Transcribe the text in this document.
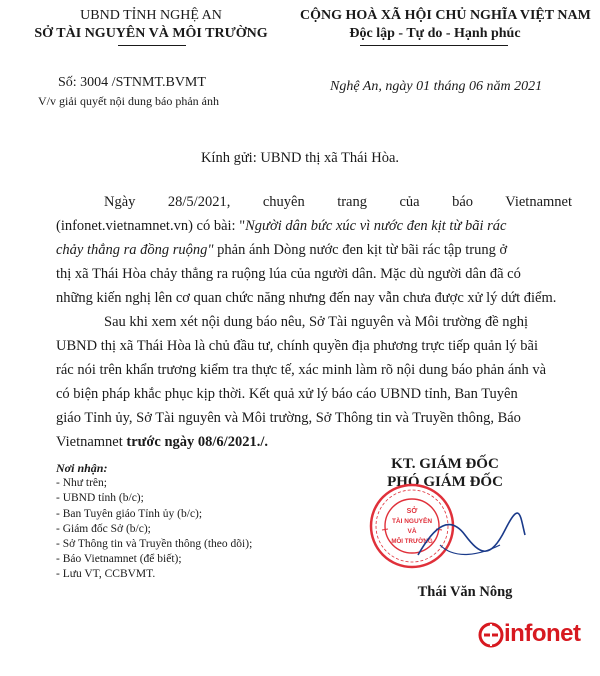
UBND TỈNH NGHỆ AN
SỞ TÀI NGUYÊN VÀ MÔI TRƯỜNG
CỘNG HOÀ XÃ HỘI CHỦ NGHĨA VIỆT NAM
Độc lập - Tự do - Hạnh phúc
Số: 3004 /STNMT.BVMT
V/v giải quyết nội dung báo phản ánh
Nghệ An, ngày 01 tháng 06 năm 2021
Kính gửi: UBND thị xã Thái Hòa.
Ngày 28/5/2021, chuyên trang của báo Vietnamnet
(infonet.vietnamnet.vn) có bài: "Người dân bức xúc vì nước đen kịt từ bãi rác
chảy thẳng ra đồng ruộng" phản ánh Dòng nước đen kịt từ bãi rác tập trung ở
thị xã Thái Hòa chảy thẳng ra ruộng lúa của người dân. Mặc dù người dân đã có
những kiến nghị lên cơ quan chức năng nhưng đến nay vẫn chưa được xử lý dứt điểm.
Sau khi xem xét nội dung báo nêu, Sở Tài nguyên và Môi trường đề nghị
UBND thị xã Thái Hòa là chủ đầu tư, chính quyền địa phương trực tiếp quản lý bãi
rác nói trên khẩn trương kiểm tra thực tế, xác minh làm rõ nội dung báo phản ánh và
có biện pháp khắc phục kịp thời. Kết quả xử lý báo cáo UBND tỉnh, Ban Tuyên
giáo Tỉnh ủy, Sở Tài nguyên và Môi trường, Sở Thông tin và Truyền thông, Báo
Vietnamnet trước ngày 08/6/2021./.
Nơi nhận:
- Như trên;
- UBND tỉnh (b/c);
- Ban Tuyên giáo Tỉnh ủy (b/c);
- Giám đốc Sở (b/c);
- Sở Thông tin và Truyền thông (theo dõi);
- Báo Vietnamnet (để biết);
- Lưu VT, CCBVMT.
KT. GIÁM ĐỐC
PHÓ GIÁM ĐỐC
SỞ
TÀI NGUYÊN
VÀ
MÔI TRƯỜNG
Thái Văn Nông
infonet
